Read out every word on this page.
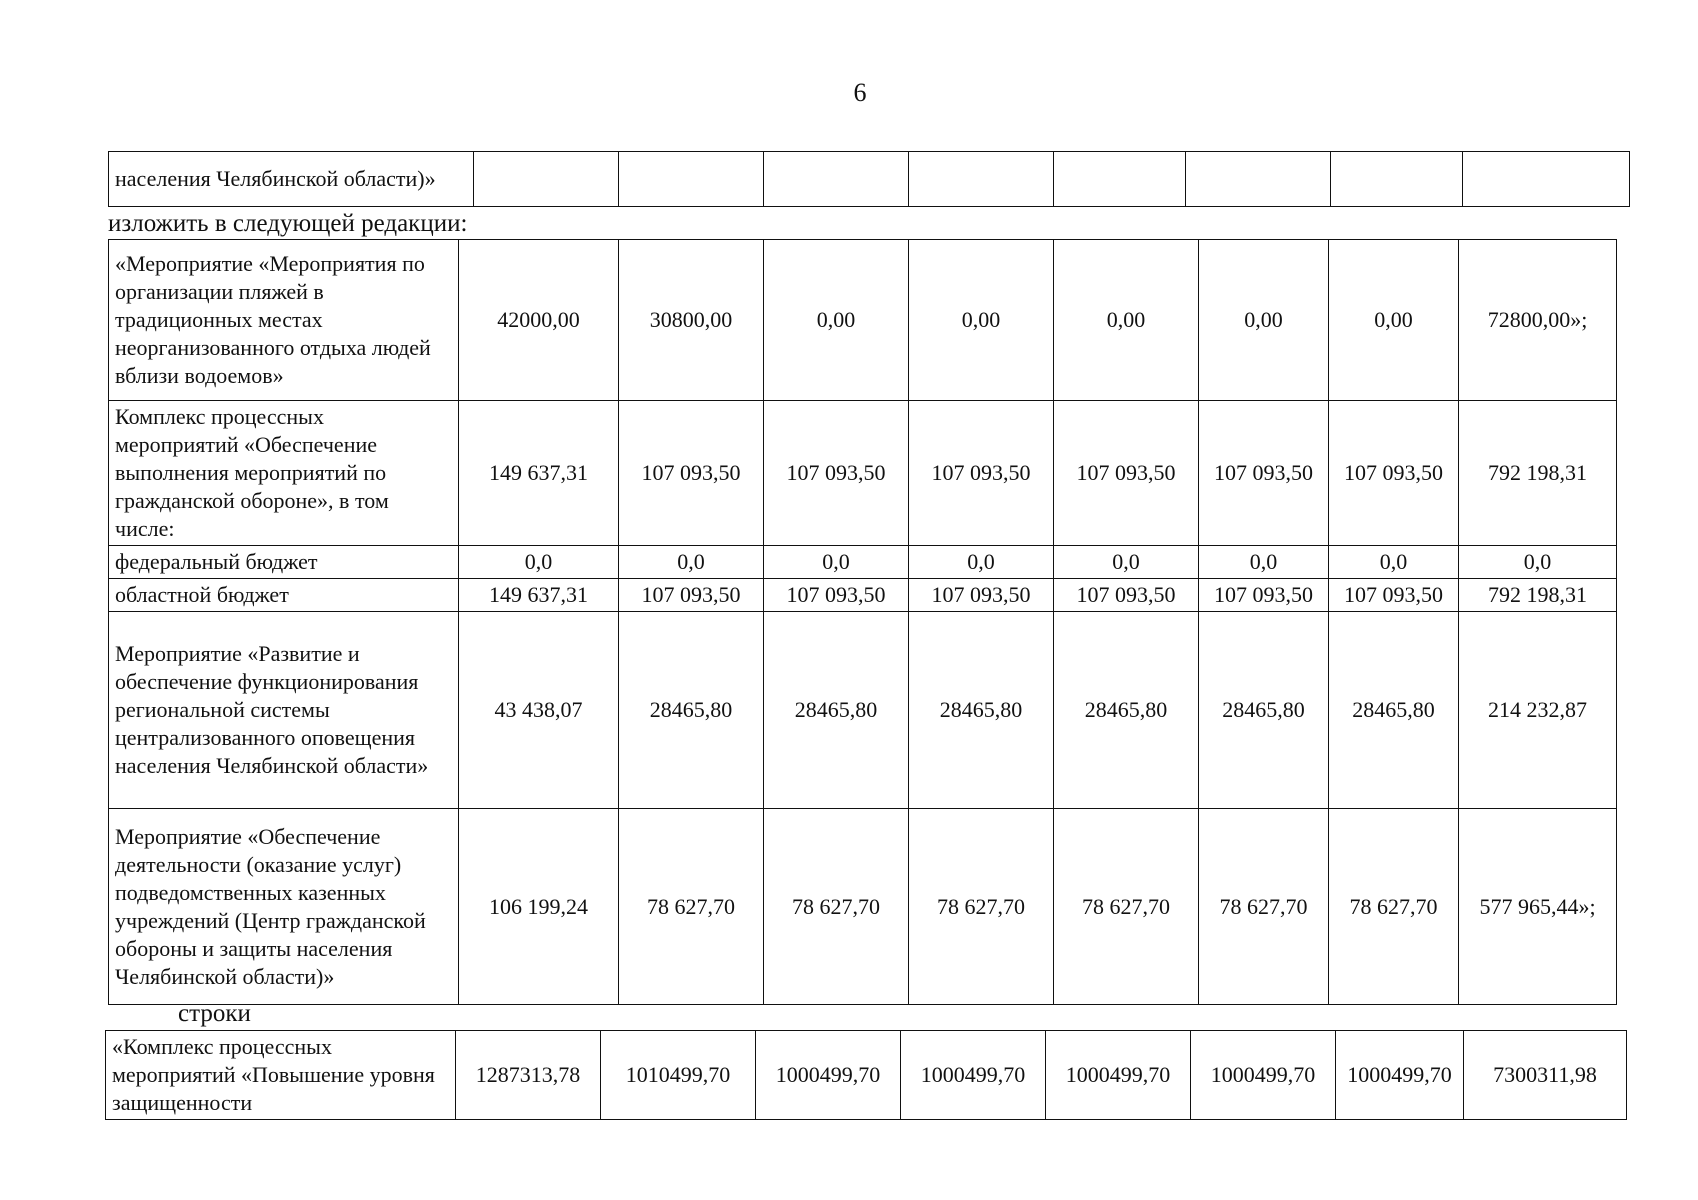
6
населения Челябинской области)»								
изложить в следующей редакции:
«Мероприятие «Мероприятия по организации пляжей в традиционных местах неорганизованного отдыха людей вблизи водоемов»	42000,00	30800,00	0,00	0,00	0,00	0,00	0,00	72800,00»;
Комплекс процессных мероприятий «Обеспечение выполнения мероприятий по гражданской обороне», в том числе:	149 637,31	107 093,50	107 093,50	107 093,50	107 093,50	107 093,50	107 093,50	792 198,31
федеральный бюджет	0,0	0,0	0,0	0,0	0,0	0,0	0,0	0,0
областной бюджет	149 637,31	107 093,50	107 093,50	107 093,50	107 093,50	107 093,50	107 093,50	792 198,31
Мероприятие «Развитие и обеспечение функционирования региональной системы централизованного оповещения населения Челябинской области»	43 438,07	28465,80	28465,80	28465,80	28465,80	28465,80	28465,80	214 232,87
Мероприятие «Обеспечение деятельности (оказание услуг) подведомственных казенных учреждений (Центр гражданской обороны и защиты населения Челябинской области)»	106 199,24	78 627,70	78 627,70	78 627,70	78 627,70	78 627,70	78 627,70	577 965,44»;
строки
«Комплекс процессных мероприятий «Повышение уровня защищенности	1287313,78	1010499,70	1000499,70	1000499,70	1000499,70	1000499,70	1000499,70	7300311,98
